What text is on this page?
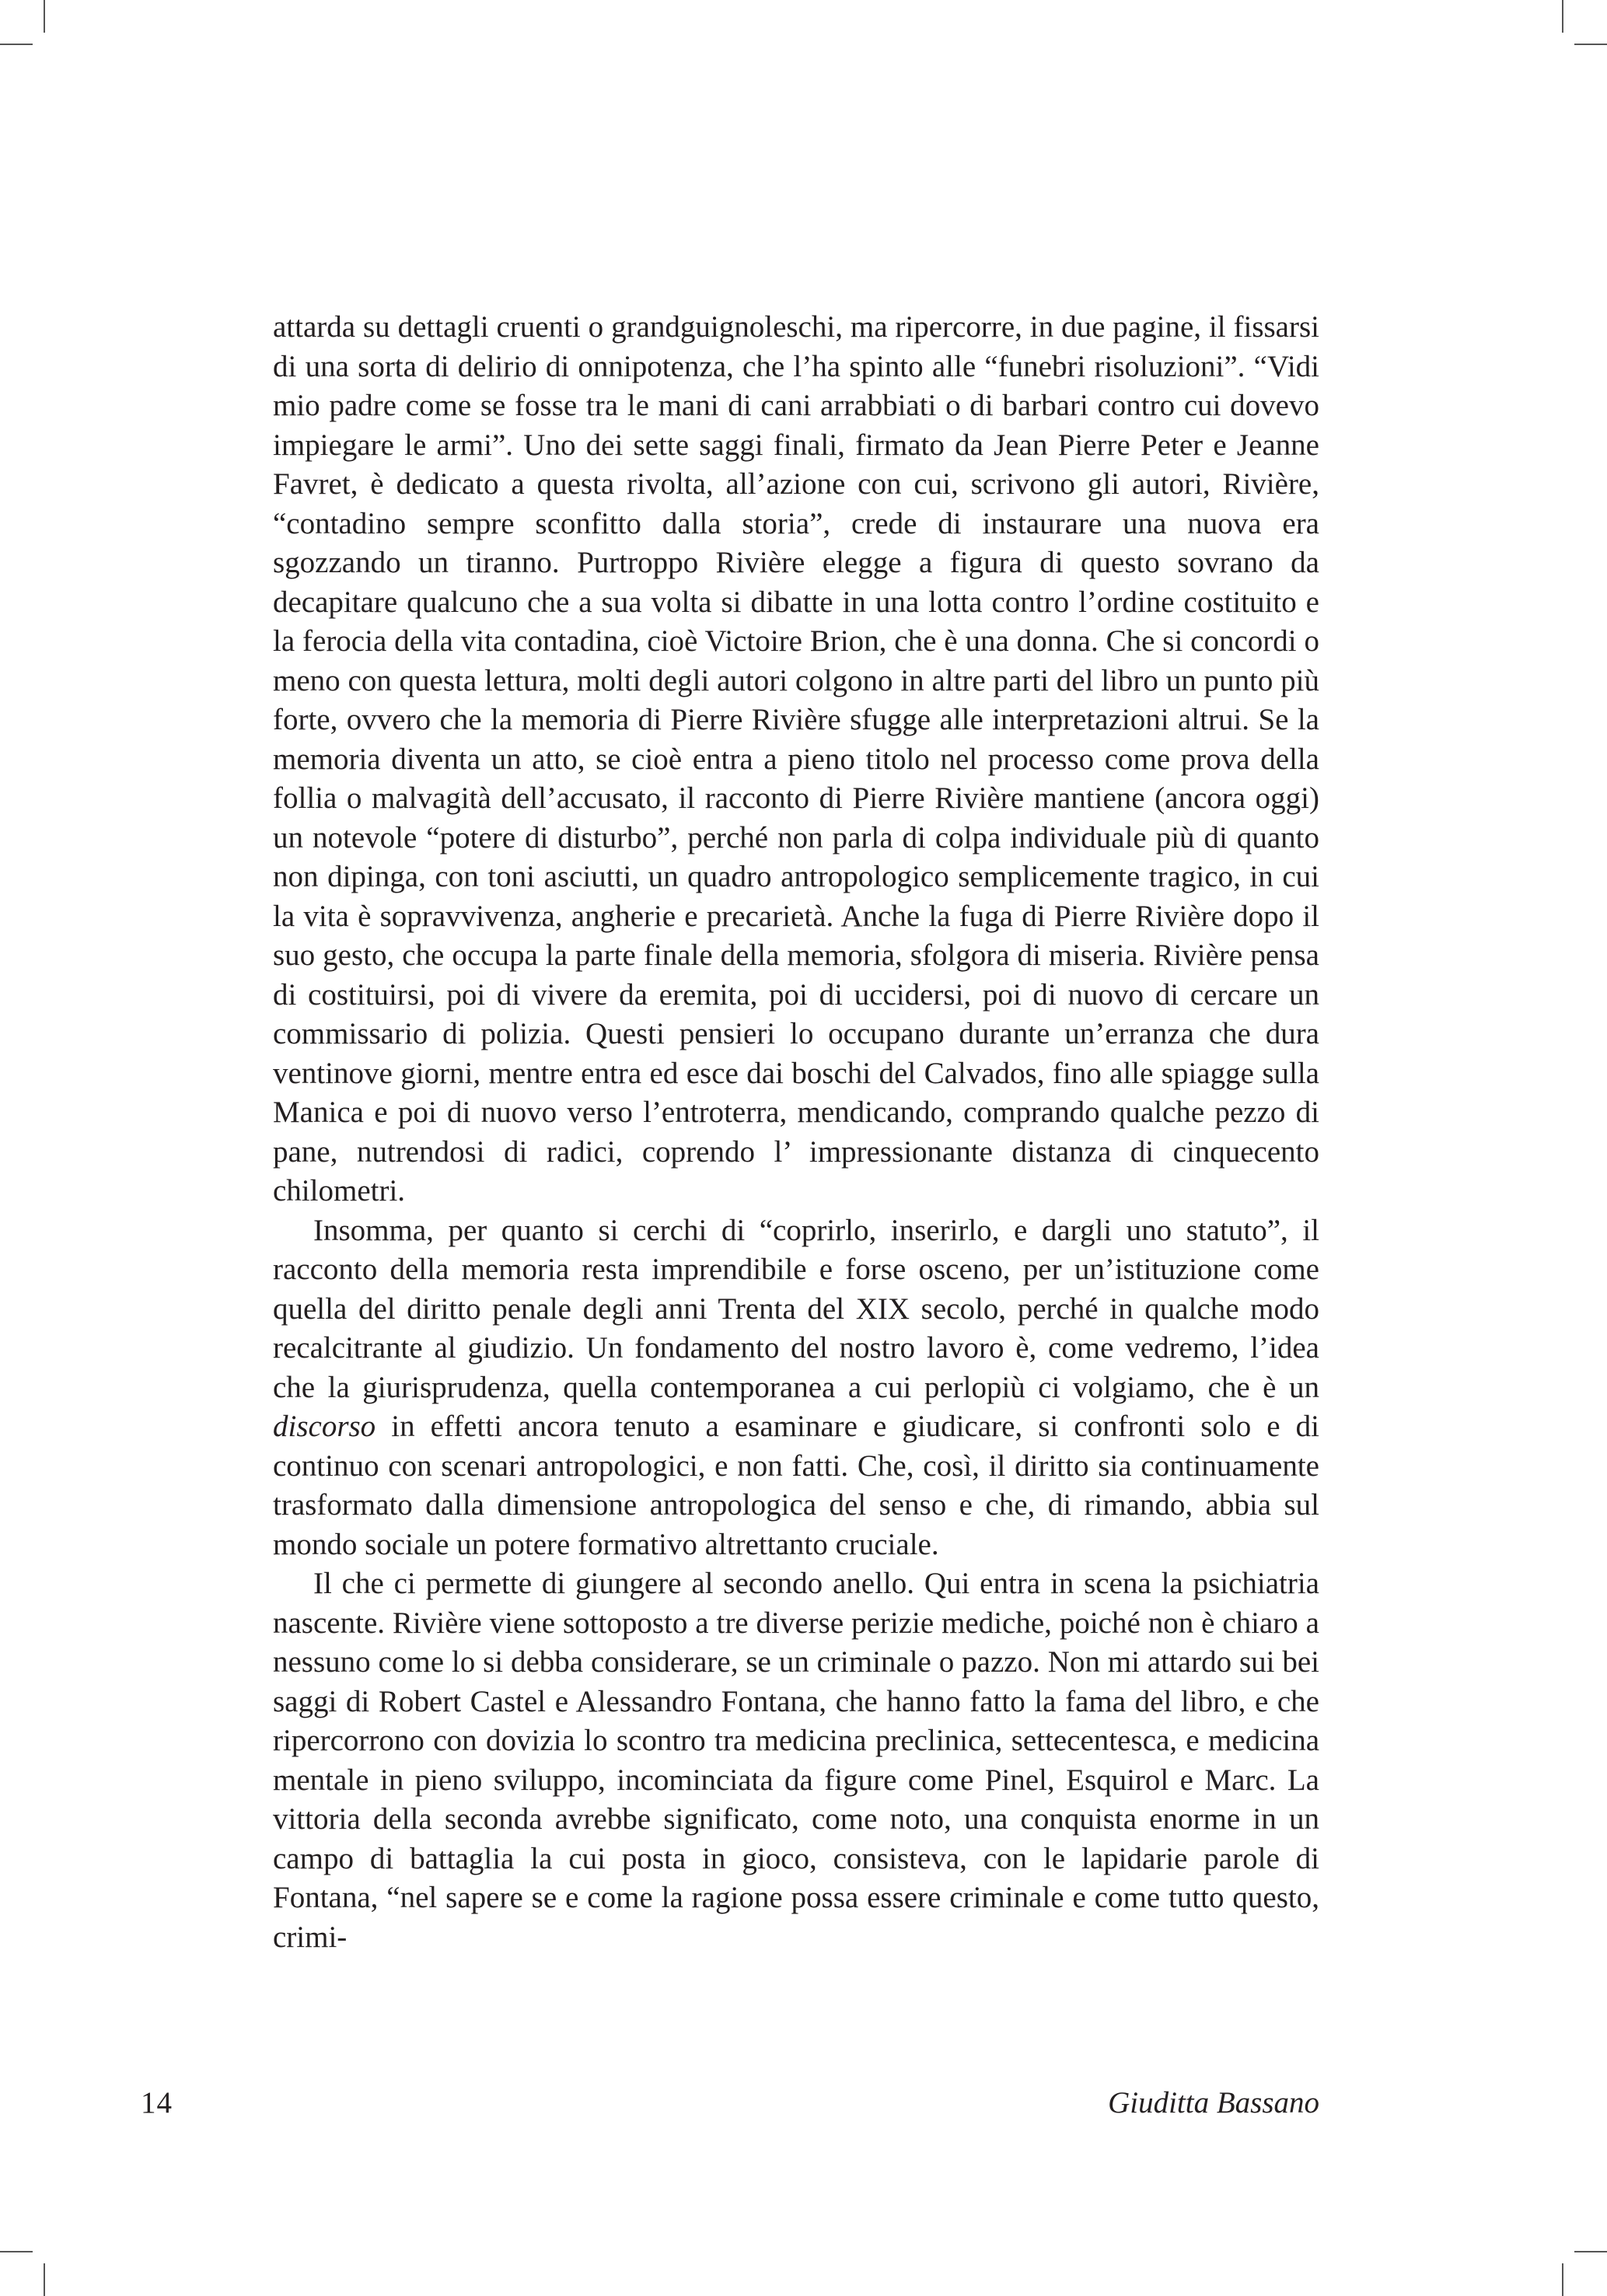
attarda su dettagli cruenti o grandguignoleschi, ma ripercorre, in due pagine, il fissarsi di una sorta di delirio di onnipotenza, che l’ha spinto alle “funebri risoluzioni”. “Vidi mio padre come se fosse tra le mani di cani arrabbiati o di barbari contro cui dovevo impiegare le armi”. Uno dei sette saggi finali, firmato da Jean Pierre Peter e Jeanne Favret, è dedicato a questa rivolta, all’azione con cui, scrivono gli autori, Rivière, “contadino sempre sconfitto dalla storia”, crede di instaurare una nuova era sgozzando un tiranno. Purtroppo Rivière elegge a figura di questo sovrano da decapitare qualcuno che a sua volta si dibatte in una lotta contro l’ordine costituito e la ferocia della vita contadina, cioè Victoire Brion, che è una donna. Che si concordi o meno con questa lettura, molti degli autori colgono in altre parti del libro un punto più forte, ovvero che la memoria di Pierre Rivière sfugge alle interpretazioni altrui. Se la memoria diventa un atto, se cioè entra a pieno titolo nel processo come prova della follia o malvagità dell’accusato, il racconto di Pierre Rivière mantiene (ancora oggi) un notevole “potere di disturbo”, perché non parla di colpa individuale più di quanto non dipinga, con toni asciutti, un quadro antropologico semplicemente tragico, in cui la vita è sopravvivenza, angherie e precarietà. Anche la fuga di Pierre Rivière dopo il suo gesto, che occupa la parte finale della memoria, sfolgora di miseria. Rivière pensa di costituirsi, poi di vivere da eremita, poi di uccidersi, poi di nuovo di cercare un commissario di polizia. Questi pensieri lo occupano durante un’erranza che dura ventinove giorni, mentre entra ed esce dai boschi del Calvados, fino alle spiagge sulla Manica e poi di nuovo verso l’entroterra, mendicando, comprando qualche pezzo di pane, nutrendosi di radici, coprendo l’ impressionante distanza di cinquecento chilometri.

Insomma, per quanto si cerchi di “coprirlo, inserirlo, e dargli uno statuto”, il racconto della memoria resta imprendibile e forse osceno, per un’istituzione come quella del diritto penale degli anni Trenta del XIX secolo, perché in qualche modo recalcitrante al giudizio. Un fondamento del nostro lavoro è, come vedremo, l’idea che la giurisprudenza, quella contemporanea a cui perlopiù ci volgiamo, che è un discorso in effetti ancora tenuto a esaminare e giudicare, si confronti solo e di continuo con scenari antropologici, e non fatti. Che, così, il diritto sia continuamente trasformato dalla dimensione antropologica del senso e che, di rimando, abbia sul mondo sociale un potere formativo altrettanto cruciale.

Il che ci permette di giungere al secondo anello. Qui entra in scena la psichiatria nascente. Rivière viene sottoposto a tre diverse perizie mediche, poiché non è chiaro a nessuno come lo si debba considerare, se un criminale o pazzo. Non mi attardo sui bei saggi di Robert Castel e Alessandro Fontana, che hanno fatto la fama del libro, e che ripercorrono con dovizia lo scontro tra medicina preclinica, settecentesca, e medicina mentale in pieno sviluppo, incominciata da figure come Pinel, Esquirol e Marc. La vittoria della seconda avrebbe significato, come noto, una conquista enorme in un campo di battaglia la cui posta in gioco, consisteva, con le lapidarie parole di Fontana, “nel sapere se e come la ragione possa essere criminale e come tutto questo, crimi-

14	Giuditta Bassano
